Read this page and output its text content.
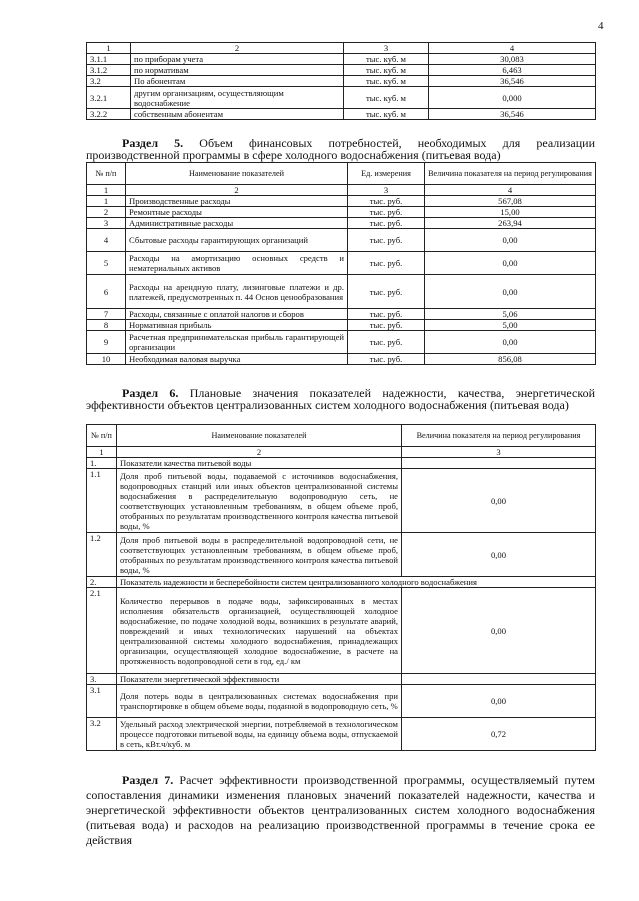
4
1	2	3	4
3.1.1	по приборам учета	тыс. куб. м	30,083
3.1.2	по нормативам	тыс. куб. м	6,463
3.2	По абонентам	тыс. куб. м	36,546
3.2.1	другим организациям, осуществляющим водоснабжение	тыс. куб. м	0,000
3.2.2	собственным абонентам	тыс. куб. м	36,546
Раздел 5. Объем финансовых потребностей, необходимых для реализации производственной программы в сфере холодного водоснабжения (питьевая вода)
№ п/п	Наименование показателей	Ед. измерения	Величина показателя на период регулирования
1	2	3	4
1	Производственные расходы	тыс. руб.	567,08
2	Ремонтные расходы	тыс. руб.	15,00
3	Административные расходы	тыс. руб.	263,94
4	Сбытовые расходы гарантирующих организаций	тыс. руб.	0,00
5	Расходы на амортизацию основных средств и нематериальных активов	тыс. руб.	0,00
6	Расходы на арендную плату, лизинговые платежи и др. платежей, предусмотренных п. 44 Основ ценообразования	тыс. руб.	0,00
7	Расходы, связанные с оплатой налогов и сборов	тыс. руб.	5,06
8	Нормативная прибыль	тыс. руб.	5,00
9	Расчетная предпринимательская прибыль гарантирующей организации	тыс. руб.	0,00
10	Необходимая валовая выручка	тыс. руб.	856,08
Раздел 6. Плановые значения показателей надежности, качества, энергетической эффективности объектов централизованных систем холодного водоснабжения (питьевая вода)
№ п/п	Наименование показателей	Величина показателя на период регулирования
1	2	3
1.	Показатели качества питьевой воды	
1.1	Доля проб питьевой воды, подаваемой с источников водоснабжения, водопроводных станций или иных объектов централизованной системы водоснабжения в распределительную водопроводную сеть, не соответствующих установленным требованиям, в общем объеме проб, отобранных по результатам производственного контроля качества питьевой воды, %	0,00
1.2	Доля проб питьевой воды в распределительной водопроводной сети, не соответствующих установленным требованиям, в общем объеме проб, отобранных по результатам производственного контроля качества питьевой воды, %	0,00
2.	Показатель надежности и бесперебойности систем централизованного холодного водоснабжения	
2.1	Количество перерывов в подаче воды, зафиксированных в местах исполнения обязательств организацией, осуществляющей холодное водоснабжение, по подаче холодной воды, возникших в результате аварий, повреждений и иных технологических нарушений на объектах централизованной системы холодного водоснабжения, принадлежащих организации, осуществляющей холодное водоснабжение, в расчете на протяженность водопроводной сети в год, ед./ км	0,00
3.	Показатели энергетической эффективности	
3.1	Доля потерь воды в централизованных системах водоснабжения при транспортировке в общем объеме воды, поданной в водопроводную сеть, %	0,00
3.2	Удельный расход электрической энергии, потребляемой в технологическом процессе подготовки питьевой воды, на единицу объема воды, отпускаемой в сеть, кВт.ч/куб. м	0,72
Раздел 7. Расчет эффективности производственной программы, осуществляемый путем сопоставления динамики изменения плановых значений показателей надежности, качества и энергетической эффективности объектов централизованных систем холодного водоснабжения (питьевая вода) и расходов на реализацию производственной программы в течение срока ее действия
